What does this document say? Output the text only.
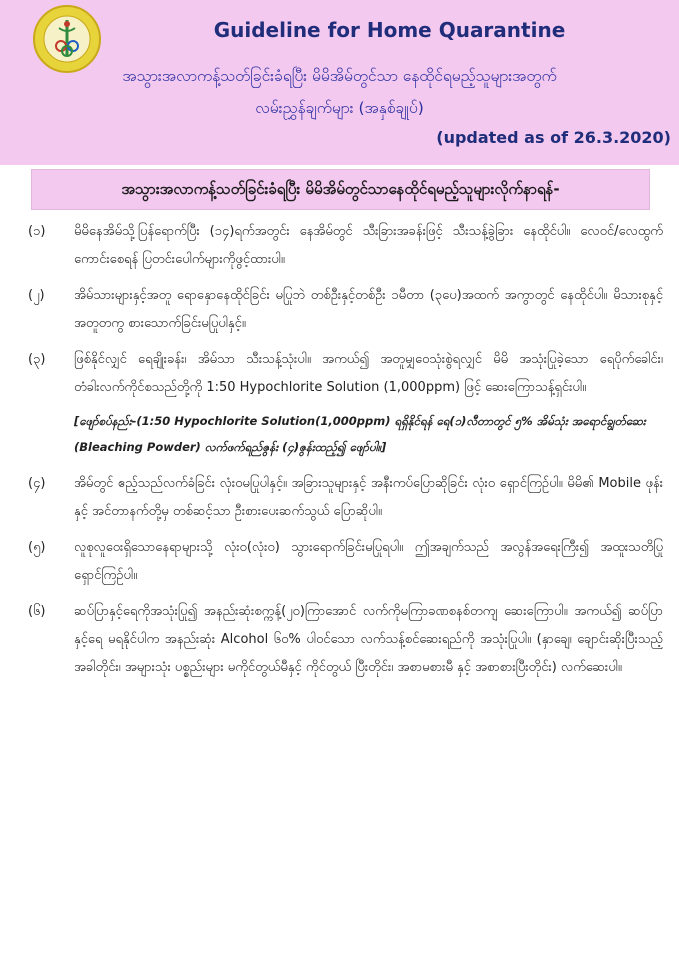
Guideline for Home Quarantine
အသွားအလာကန့်သတ်ခြင်းခံရပြီး မိမိအိမ်တွင်သာ နေထိုင်ရမည့်သူများအတွက်
လမ်းညွှန်ချက်များ (အနှစ်ချုပ်)
(updated as of 26.3.2020)
အသွားအလာကန့်သတ်ခြင်းခံရပြီး မိမိအိမ်တွင်သာနေထိုင်ရမည့်သူများလိုက်နာရန်-
(၁)	မိမိနေအိမ်သို့ပြန်ရောက်ပြီး (၁၄)ရက်အတွင်း နေအိမ်တွင် သီးခြားအခန်းဖြင့် သီးသန့်ခွဲခြား နေထိုင်ပါ။ လေဝင်/လေထွက်ကောင်းစေရန် ပြတင်းပေါက်များကိုဖွင့်ထားပါ။
(၂)	အိမ်သားများနှင့်အတူ ရောနှောနေထိုင်ခြင်း မပြုဘဲ တစ်ဦးနှင့်တစ်ဦး ၁မီတာ (၃ပေ)အထက် အကွာတွင် နေထိုင်ပါ။ မိသားစုနှင့်အတူတကွ စားသောက်ခြင်းမပြုပါနှင့်။
(၃)	ဖြစ်နိုင်လျှင် ရေချိုးခန်း၊ အိမ်သာ သီးသန့်သုံးပါ။ အကယ်၍ အတူမျှဝေသုံးစွဲရလျှင် မိမိ အသုံးပြုခဲ့သော ရေပိုက်ခေါင်း၊ တံခါးလက်ကိုင်စသည်တို့ကို 1:50 Hypochlorite Solution (1,000ppm) ဖြင့် ဆေးကြောသန့်ရှင်းပါ။
[ဖျော်စပ်နည်း-(1:50 Hypochlorite Solution(1,000ppm) ရရှိနိုင်ရန် ရေ(၁)လီတာတွင် ၅% အိမ်သုံး အရောင်ချွတ်ဆေး (Bleaching Powder) လက်ဖက်ရည်ဇွန်း (၄)ဇွန်းထည့်၍ ဖျော်ပါ။]
(၄)	အိမ်တွင် ဧည့်သည်လက်ခံခြင်း လုံးဝမပြုပါနှင့်။ အခြားသူများနှင့် အနီးကပ်ပြောဆိုခြင်း လုံးဝ ရှောင်ကြဉ်ပါ။ မိမိ၏ Mobile ဖုန်းနှင့် အင်တာနက်တို့မှ တစ်ဆင့်သာ ဦးစားပေးဆက်သွယ် ပြောဆိုပါ။
(၅)	လူစုလူဝေးရှိသောနေရာများသို့ လုံးဝ(လုံးဝ) သွားရောက်ခြင်းမပြုရပါ။ ဤအချက်သည် အလွန်အရေးကြီး၍ အထူးသတိပြုရှောင်ကြဉ်ပါ။
(၆)	ဆပ်ပြာနှင့်ရေကိုအသုံးပြု၍ အနည်းဆုံးစက္ကန့်(၂၀)ကြာအောင် လက်ကိုမကြာခဏစနစ်တကျ ဆေးကြောပါ။ အကယ်၍ ဆပ်ပြာနှင့်ရေ မရနိုင်ပါက အနည်းဆုံး Alcohol ၆၀% ပါဝင်သော လက်သန့်စင်ဆေးရည်ကို အသုံးပြုပါ။ (နှာချေ၊ ချောင်းဆိုးပြီးသည့်အခါတိုင်း၊ အများသုံး ပစ္စည်းများ မကိုင်တွယ်မီနှင့် ကိုင်တွယ် ပြီးတိုင်း၊ အစာမစားမီ နှင့် အစာစားပြီးတိုင်း) လက်ဆေးပါ။
